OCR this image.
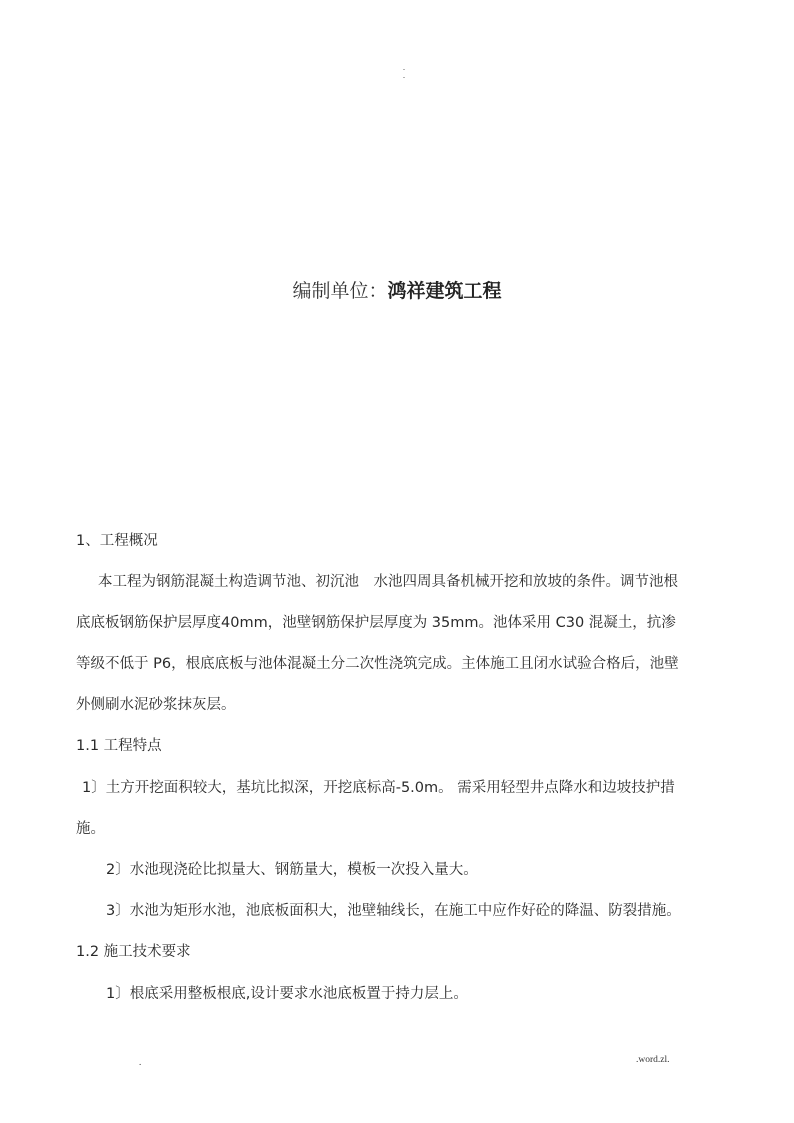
.
.
编制单位：鸿祥建筑工程
1、工程概况
本工程为钢筋混凝土构造调节池、初沉池　水池四周具备机械开挖和放坡的条件。调节池根
底底板钢筋保护层厚度40mm，池壁钢筋保护层厚度为 35mm。池体采用 C30 混凝土，抗渗
等级不低于 P6，根底底板与池体混凝土分二次性浇筑完成。主体施工且闭水试验合格后，池壁
外侧刷水泥砂浆抹灰层。
1.1 工程特点
1〕土方开挖面积较大，基坑比拟深，开挖底标高-5.0m。 需采用轻型井点降水和边坡技护措
施。
2〕水池现浇砼比拟量大、钢筋量大，模板一次投入量大。
3〕水池为矩形水池，池底板面积大，池壁轴线长，在施工中应作好砼的降温、防裂措施。
1.2 施工技术要求
1〕根底采用整板根底,设计要求水池底板置于持力层上。
.	.word.zl.
